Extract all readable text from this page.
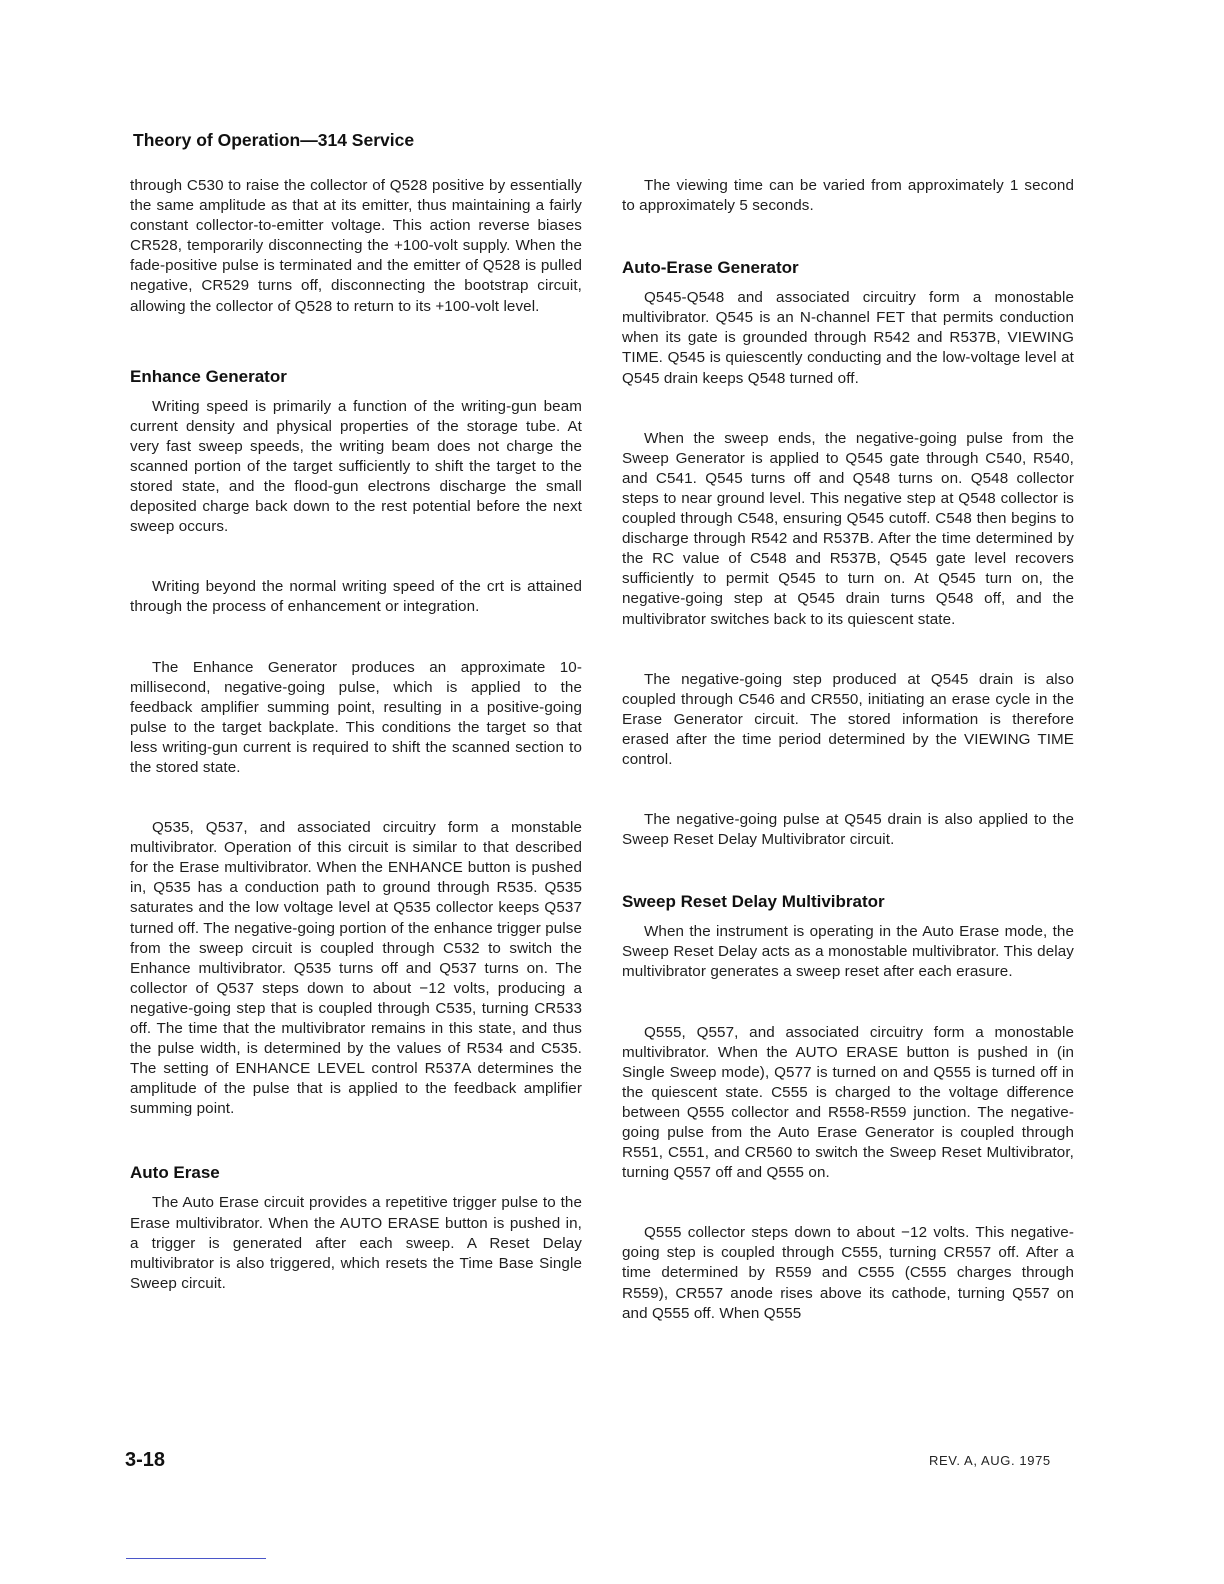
Theory of Operation—314 Service

through C530 to raise the collector of Q528 positive by essentially the same amplitude as that at its emitter, thus maintaining a fairly constant collector-to-emitter voltage. This action reverse biases CR528, temporarily disconnecting the +100-volt supply. When the fade-positive pulse is terminated and the emitter of Q528 is pulled negative, CR529 turns off, disconnecting the bootstrap circuit, allowing the collector of Q528 to return to its +100-volt level.

Enhance Generator

Writing speed is primarily a function of the writing-gun beam current density and physical properties of the storage tube. At very fast sweep speeds, the writing beam does not charge the scanned portion of the target sufficiently to shift the target to the stored state, and the flood-gun electrons discharge the small deposited charge back down to the rest potential before the next sweep occurs.

Writing beyond the normal writing speed of the crt is attained through the process of enhancement or integration.

The Enhance Generator produces an approximate 10-millisecond, negative-going pulse, which is applied to the feedback amplifier summing point, resulting in a positive-going pulse to the target backplate. This conditions the target so that less writing-gun current is required to shift the scanned section to the stored state.

Q535, Q537, and associated circuitry form a monstable multivibrator. Operation of this circuit is similar to that described for the Erase multivibrator. When the ENHANCE button is pushed in, Q535 has a conduction path to ground through R535. Q535 saturates and the low voltage level at Q535 collector keeps Q537 turned off. The negative-going portion of the enhance trigger pulse from the sweep circuit is coupled through C532 to switch the Enhance multivibrator. Q535 turns off and Q537 turns on. The collector of Q537 steps down to about −12 volts, producing a negative-going step that is coupled through C535, turning CR533 off. The time that the multivibrator remains in this state, and thus the pulse width, is determined by the values of R534 and C535. The setting of ENHANCE LEVEL control R537A determines the amplitude of the pulse that is applied to the feedback amplifier summing point.

Auto Erase

The Auto Erase circuit provides a repetitive trigger pulse to the Erase multivibrator. When the AUTO ERASE button is pushed in, a trigger is generated after each sweep. A Reset Delay multivibrator is also triggered, which resets the Time Base Single Sweep circuit.

The viewing time can be varied from approximately 1 second to approximately 5 seconds.

Auto-Erase Generator

Q545-Q548 and associated circuitry form a monostable multivibrator. Q545 is an N-channel FET that permits conduction when its gate is grounded through R542 and R537B, VIEWING TIME. Q545 is quiescently conducting and the low-voltage level at Q545 drain keeps Q548 turned off.

When the sweep ends, the negative-going pulse from the Sweep Generator is applied to Q545 gate through C540, R540, and C541. Q545 turns off and Q548 turns on. Q548 collector steps to near ground level. This negative step at Q548 collector is coupled through C548, ensuring Q545 cutoff. C548 then begins to discharge through R542 and R537B. After the time determined by the RC value of C548 and R537B, Q545 gate level recovers sufficiently to permit Q545 to turn on. At Q545 turn on, the negative-going step at Q545 drain turns Q548 off, and the multivibrator switches back to its quiescent state.

The negative-going step produced at Q545 drain is also coupled through C546 and CR550, initiating an erase cycle in the Erase Generator circuit. The stored information is therefore erased after the time period determined by the VIEWING TIME control.

The negative-going pulse at Q545 drain is also applied to the Sweep Reset Delay Multivibrator circuit.

Sweep Reset Delay Multivibrator

When the instrument is operating in the Auto Erase mode, the Sweep Reset Delay acts as a monostable multivibrator. This delay multivibrator generates a sweep reset after each erasure.

Q555, Q557, and associated circuitry form a monostable multivibrator. When the AUTO ERASE button is pushed in (in Single Sweep mode), Q577 is turned on and Q555 is turned off in the quiescent state. C555 is charged to the voltage difference between Q555 collector and R558-R559 junction. The negative-going pulse from the Auto Erase Generator is coupled through R551, C551, and CR560 to switch the Sweep Reset Multivibrator, turning Q557 off and Q555 on.

Q555 collector steps down to about −12 volts. This negative-going step is coupled through C555, turning CR557 off. After a time determined by R559 and C555 (C555 charges through R559), CR557 anode rises above its cathode, turning Q557 on and Q555 off. When Q555

3-18	REV. A, AUG. 1975
